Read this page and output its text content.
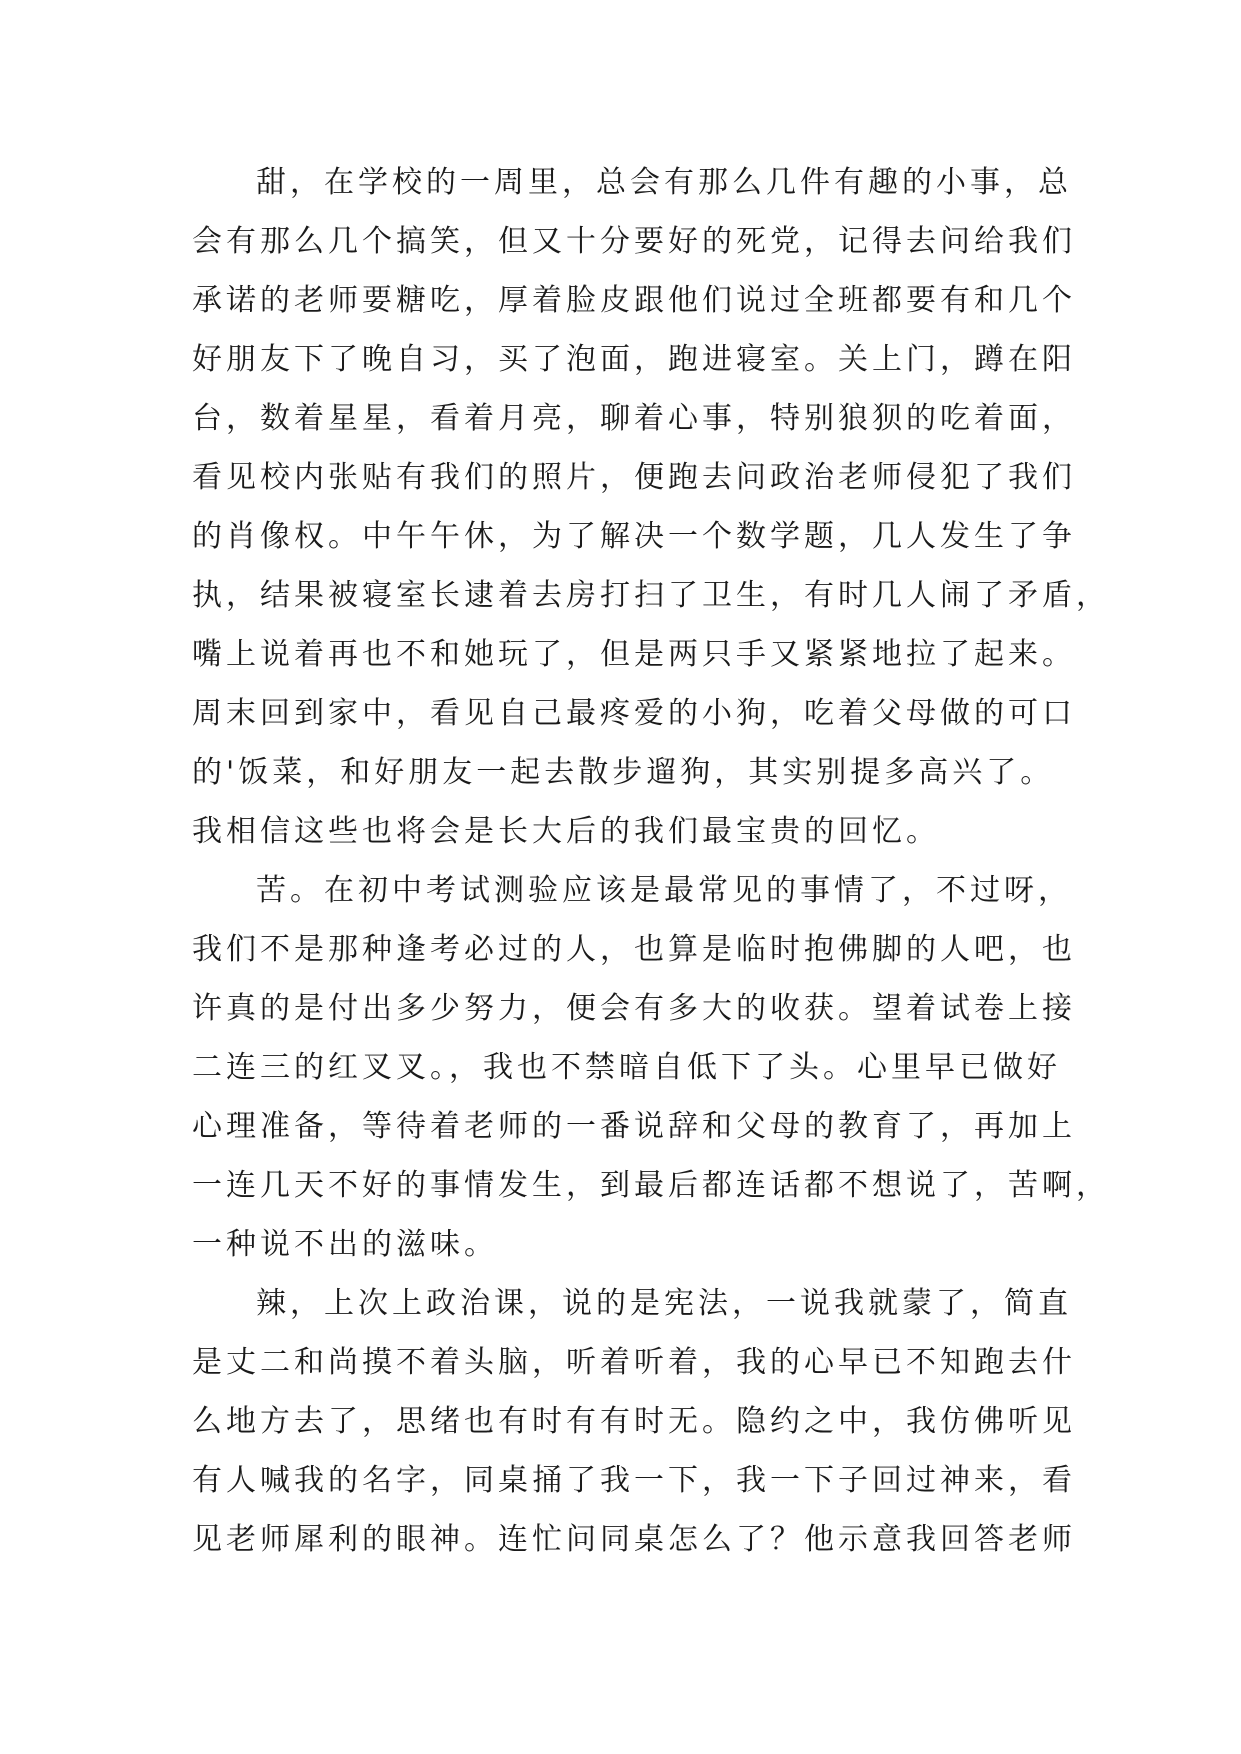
甜，在学校的一周里，总会有那么几件有趣的小事，总
会有那么几个搞笑，但又十分要好的死党，记得去问给我们
承诺的老师要糖吃，厚着脸皮跟他们说过全班都要有和几个
好朋友下了晚自习，买了泡面，跑进寝室。关上门，蹲在阳
台，数着星星，看着月亮，聊着心事，特别狼狈的吃着面，
看见校内张贴有我们的照片，便跑去问政治老师侵犯了我们
的肖像权。中午午休，为了解决一个数学题，几人发生了争
执，结果被寝室长逮着去房打扫了卫生，有时几人闹了矛盾，
嘴上说着再也不和她玩了，但是两只手又紧紧地拉了起来。
周末回到家中，看见自己最疼爱的小狗，吃着父母做的可口
的'饭菜，和好朋友一起去散步遛狗，其实别提多高兴了。
我相信这些也将会是长大后的我们最宝贵的回忆。
苦。在初中考试测验应该是最常见的事情了，不过呀，
我们不是那种逢考必过的人，也算是临时抱佛脚的人吧，也
许真的是付出多少努力，便会有多大的收获。望着试卷上接
二连三的红叉叉。，我也不禁暗自低下了头。心里早已做好
心理准备，等待着老师的一番说辞和父母的教育了，再加上
一连几天不好的事情发生，到最后都连话都不想说了，苦啊，
一种说不出的滋味。
辣，上次上政治课，说的是宪法，一说我就蒙了，简直
是丈二和尚摸不着头脑，听着听着，我的心早已不知跑去什
么地方去了，思绪也有时有有时无。隐约之中，我仿佛听见
有人喊我的名字，同桌捅了我一下，我一下子回过神来，看
见老师犀利的眼神。连忙问同桌怎么了？他示意我回答老师
